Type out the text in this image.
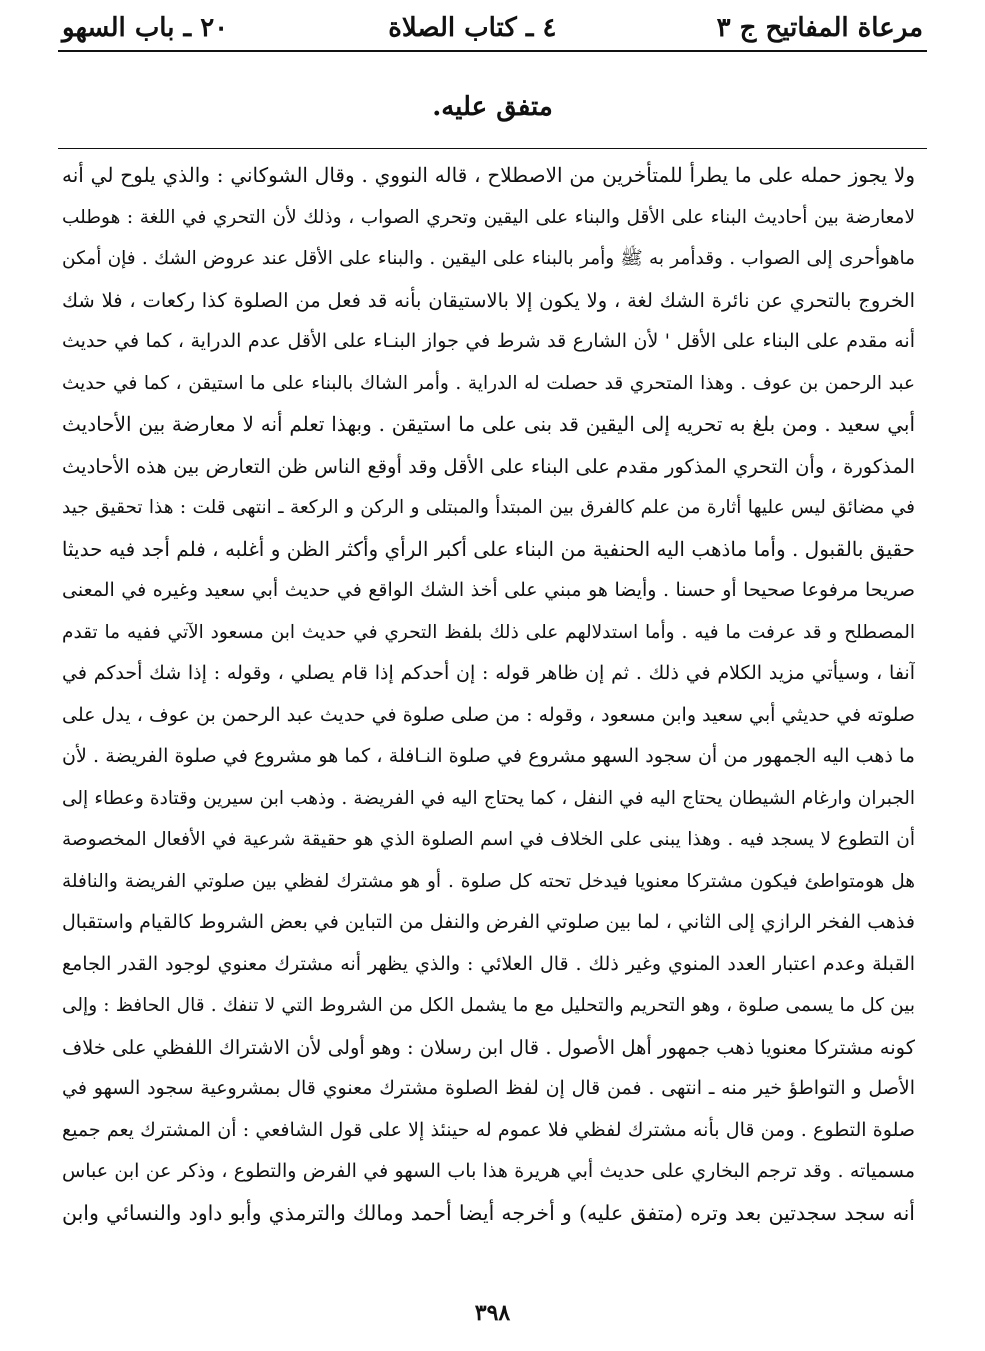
مرعاة المفاتيح ج ٣
٤ ـ كتاب الصلاة
٢٠ ـ باب السهو
متفق عليه.
ولا يجوز حمله على ما يطرأ للمتأخرين من الاصطلاح ، قاله النووي . وقال الشوكاني : والذي يلوح لي أنه
لامعارضة بين أحاديث البناء على الأقل والبناء على اليقين وتحري الصواب ، وذلك لأن التحري في اللغة : هوطلب
ماهوأحرى إلى الصواب . وقدأمر به ﷺ وأمر بالبناء على اليقين . والبناء على الأقل عند عروض الشك . فإن أمكن
الخروج بالتحري عن نائرة الشك لغة ، ولا يكون إلا بالاستيقان بأنه قد فعل من الصلوة كذا ركعات ، فلا شك
أنه مقدم على البناء على الأقل ' لأن الشارع قد شرط في جواز البنـاء على الأقل عدم الدراية ، كما في حديث
عبد الرحمن بن عوف . وهذا المتحري قد حصلت له الدراية . وأمر الشاك بالبناء على ما استيقن ، كما في حديث
أبي سعيد . ومن بلغ به تحريه إلى اليقين قد بنى على ما استيقن . وبهذا تعلم أنه لا معارضة بين الأحاديث
المذكورة ، وأن التحري المذكور مقدم على البناء على الأقل وقد أوقع الناس ظن التعارض بين هذه الأحاديث
في مضائق ليس عليها أثارة من علم كالفرق بين المبتدأ والمبتلى و الركن و الركعة ـ انتهى قلت : هذا تحقيق جيد
حقيق بالقبول . وأما ماذهب اليه الحنفية من البناء على أكبر الرأي وأكثر الظن و أغلبه ، فلم أجد فيه حديثا
صريحا مرفوعا صحيحا أو حسنا . وأيضا هو مبني على أخذ الشك الواقع في حديث أبي سعيد وغيره في المعنى
المصطلح و قد عرفت ما فيه . وأما استدلالهم على ذلك بلفظ التحري في حديث ابن مسعود الآتي ففيه ما تقدم
آنفا ، وسيأتي مزيد الكلام في ذلك . ثم إن ظاهر قوله : إن أحدكم إذا قام يصلي ، وقوله : إذا شك أحدكم في
صلوته في حديثي أبي سعيد وابن مسعود ، وقوله : من صلى صلوة في حديث عبد الرحمن بن عوف ، يدل على
ما ذهب اليه الجمهور من أن سجود السهو مشروع في صلوة النـافلة ، كما هو مشروع في صلوة الفريضة . لأن
الجبران وارغام الشيطان يحتاج اليه في النفل ، كما يحتاج اليه في الفريضة . وذهب ابن سيرين وقتادة وعطاء إلى
أن التطوع لا يسجد فيه . وهذا يبنى على الخلاف في اسم الصلوة الذي هو حقيقة شرعية في الأفعال المخصوصة
هل هومتواطئ فيكون مشتركا معنويا فيدخل تحته كل صلوة . أو هو مشترك لفظي بين صلوتي الفريضة والنافلة
فذهب الفخر الرازي إلى الثاني ، لما بين صلوتي الفرض والنفل من التباين في بعض الشروط كالقيام واستقبال
القبلة وعدم اعتبار العدد المنوي وغير ذلك . قال العلائي : والذي يظهر أنه مشترك معنوي لوجود القدر الجامع
بين كل ما يسمى صلوة ، وهو التحريم والتحليل مع ما يشمل الكل من الشروط التي لا تنفك . قال الحافظ : وإلى
كونه مشتركا معنويا ذهب جمهور أهل الأصول . قال ابن رسلان : وهو أولى لأن الاشتراك اللفظي على خلاف
الأصل و التواطؤ خير منه ـ انتهى . فمن قال إن لفظ الصلوة مشترك معنوي قال بمشروعية سجود السهو في
صلوة التطوع . ومن قال بأنه مشترك لفظي فلا عموم له حينئذ إلا على قول الشافعي : أن المشترك يعم جميع
مسمياته . وقد ترجم البخاري على حديث أبي هريرة هذا باب السهو في الفرض والتطوع ، وذكر عن ابن عباس
أنه سجد سجدتين بعد وتره (متفق عليه) و أخرجه أيضا أحمد ومالك والترمذي وأبو داود والنسائي وابن
٣٩٨
